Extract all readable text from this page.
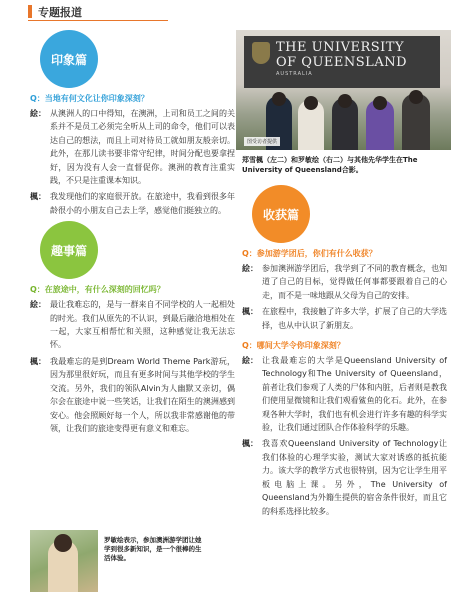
专题报道
印象篇
Q：当地有何文化让你印象深刻？
絵： 从澳洲人的口中得知，在澳洲，上司和员工之间的关系并不是员工必须完全听从上司的命令，他们可以表达自己的想法，而且上司对待员工就如朋友般亲切。此外，在那儿读书要非常守纪律，时间分配也要拿捏好，因为没有人会一直督促你。澳洲的教育注重实践，不只是注重课本知识。
楓： 我发现他们的家庭很开放。在旅途中，我看到很多年龄很小的小朋友自己去上学，感觉他们挺独立的。
趣事篇
Q：在旅途中，有什么深刻的回忆吗？
絵： 最让我难忘的，是与一群来自不同学校的人一起相处的时光。我们从原先的不认识，到最后融洽地相处在一起，大家互相帮忙和关照，这种感觉让我无法忘怀。
楓： 我最难忘的是到Dream World Theme Park游玩，因为那里很好玩，而且有更多时间与其他学校的学生交流。另外，我们的领队Alvin为人幽默又亲切，偶尔会在旅途中说一些笑话，让我们在陌生的澳洲感到安心。他会照顾好每一个人，所以我非常感谢他的带领，让我们的旅途变得更有意义和难忘。
罗敏绘表示，参加澳洲游学团让她学到很多新知识，是一个很棒的生活体验。
THE UNIVERSITY
OF QUEENSLAND
AUSTRALIA
图受访者提供
郑雪楓（左二）和罗敏绘（右二）与其他先华学生在The University of Queensland合影。
收获篇
Q：参加游学团后，你们有什么收获？
絵： 参加澳洲游学团后，我学到了不同的教育概念，也知道了自己的目标，觉得做任何事都要跟着自己的心走，而不是一味地跟从父母为自己的安排。
楓： 在旅程中，我接触了许多大学，扩展了自己的大学选择，也从中认识了新朋友。
Q：哪间大学令你印象深刻？
絵： 让我最难忘的大学是Queensland University of Technology和The University of Queensland，前者让我们参观了人类的尸体和内脏，后者则是教我们使用显微镜和让我们观看鲨鱼的化石。此外，在参观各种大学时，我们也有机会进行许多有趣的科学实验，让我们通过团队合作体验科学的乐趣。
楓： 我喜欢Queensland University of Technology让我们体验的心理学实验，测试大家对诱惑的抵抗能力。该大学的教学方式也很特别，因为它让学生用平板电脑上课。另外，The University of Queensland为外籍生提供的宿舍条件很好，而且它的科系选择比较多。
